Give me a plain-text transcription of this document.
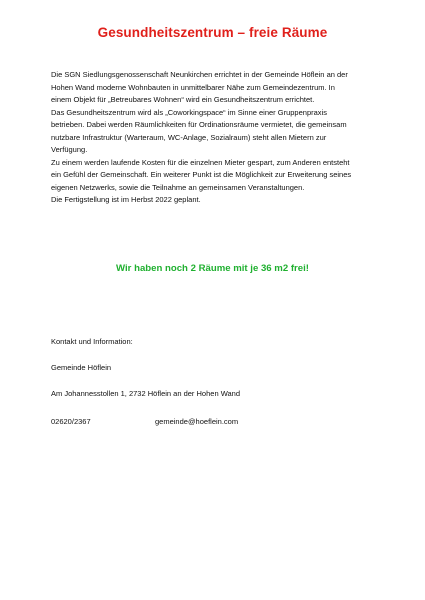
Gesundheitszentrum – freie Räume
Die SGN Siedlungsgenossenschaft Neunkirchen errichtet in der Gemeinde Höflein an der
Hohen Wand moderne Wohnbauten in unmittelbarer Nähe zum Gemeindezentrum. In
einem Objekt für „Betreubares Wohnen“ wird ein Gesundheitszentrum errichtet.
Das Gesundheitszentrum wird als „Coworkingspace“ im Sinne einer Gruppenpraxis
betrieben. Dabei werden Räumlichkeiten für Ordinationsräume vermietet, die gemeinsam
nutzbare Infrastruktur (Warteraum, WC-Anlage, Sozialraum) steht allen Mietern zur
Verfügung.
Zu einem werden laufende Kosten für die einzelnen Mieter gespart, zum Anderen entsteht
ein Gefühl der Gemeinschaft. Ein weiterer Punkt ist die Möglichkeit zur Erweiterung seines
eigenen Netzwerks, sowie die Teilnahme an gemeinsamen Veranstaltungen.
Die Fertigstellung ist im Herbst 2022 geplant.
Wir haben noch 2 Räume mit je 36 m2 frei!
Kontakt und Information:
Gemeinde Höflein
Am Johannesstollen 1, 2732 Höflein an der Hohen Wand
02620/2367	gemeinde@hoeflein.com
